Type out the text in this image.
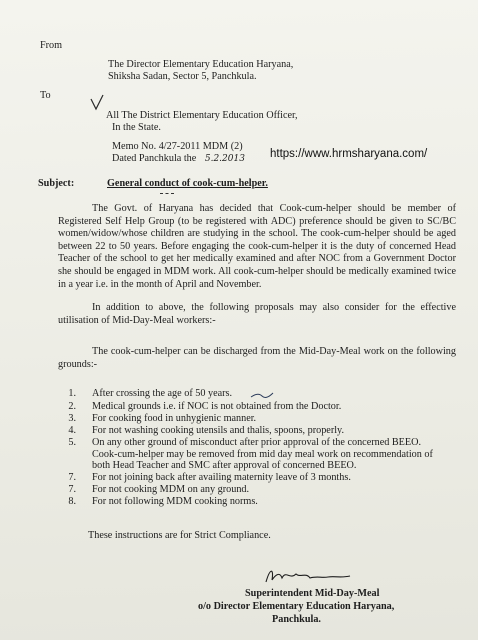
From
The Director Elementary Education Haryana,
Shiksha Sadan, Sector 5, Panchkula.
To
All The District Elementary Education Officer,
In the State.
Memo No. 4/27-2011 MDM (2)
Dated Panchkula the 5.2.2013 https://www.hrmsharyana.com/
Subject:	General conduct of cook-cum-helper.
The Govt. of Haryana has decided that Cook-cum-helper should be member of Registered Self Help Group (to be registered with ADC) preference should be given to SC/BC women/widow/whose children are studying in the school. The cook-cum-helper should be aged between 22 to 50 years. Before engaging the cook-cum-helper it is the duty of concerned Head Teacher of the school to get her medically examined and after NOC from a Government Doctor she should be engaged in MDM work. All cook-cum-helper should be medically examined twice in a year i.e. in the month of April and November.
In addition to above, the following proposals may also consider for the effective utilisation of Mid-Day-Meal workers:-
The cook-cum-helper can be discharged from the Mid-Day-Meal work on the following grounds:-
1. After crossing the age of 50 years.
2. Medical grounds i.e. if NOC is not obtained from the Doctor.
3. For cooking food in unhygienic manner.
4. For not washing cooking utensils and thalis, spoons, properly.
5. On any other ground of misconduct after prior approval of the concerned BEEO. Cook-cum-helper may be removed from mid day meal work on recommendation of both Head Teacher and SMC after approval of concerned BEEO.
7. For not joining back after availing maternity leave of 3 months.
7. For not cooking MDM on any ground.
8. For not following MDM cooking norms.
These instructions are for Strict Compliance.
Superintendent Mid-Day-Meal
o/o Director Elementary Education Haryana,
Panchkula.
